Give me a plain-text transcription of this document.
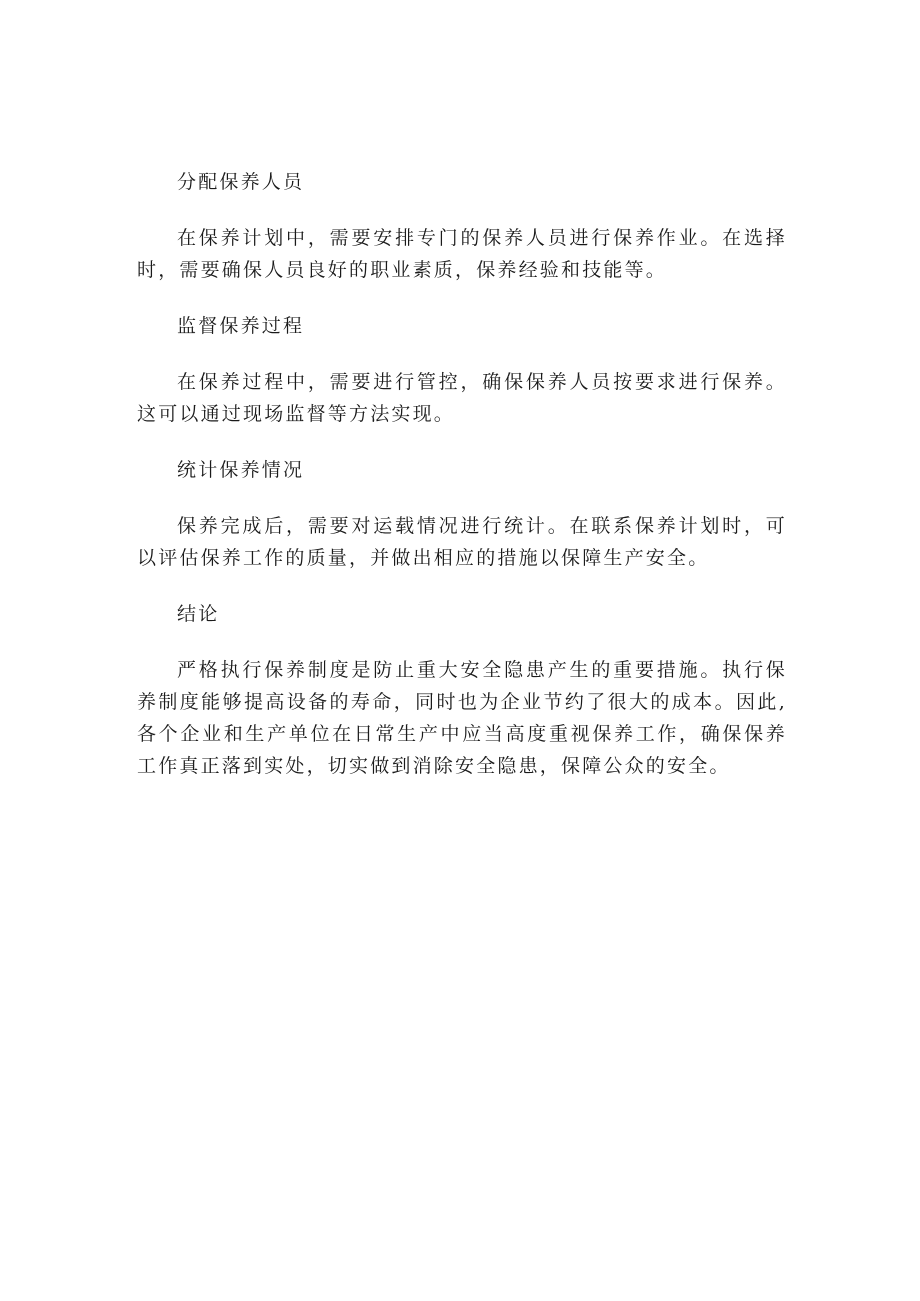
分配保养人员

在保养计划中，需要安排专门的保养人员进行保养作业。在选择时，需要确保人员良好的职业素质，保养经验和技能等。

监督保养过程

在保养过程中，需要进行管控，确保保养人员按要求进行保养。这可以通过现场监督等方法实现。

统计保养情况

保养完成后，需要对运载情况进行统计。在联系保养计划时，可以评估保养工作的质量，并做出相应的措施以保障生产安全。

结论

严格执行保养制度是防止重大安全隐患产生的重要措施。执行保养制度能够提高设备的寿命，同时也为企业节约了很大的成本。因此,各个企业和生产单位在日常生产中应当高度重视保养工作，确保保养工作真正落到实处，切实做到消除安全隐患，保障公众的安全。
